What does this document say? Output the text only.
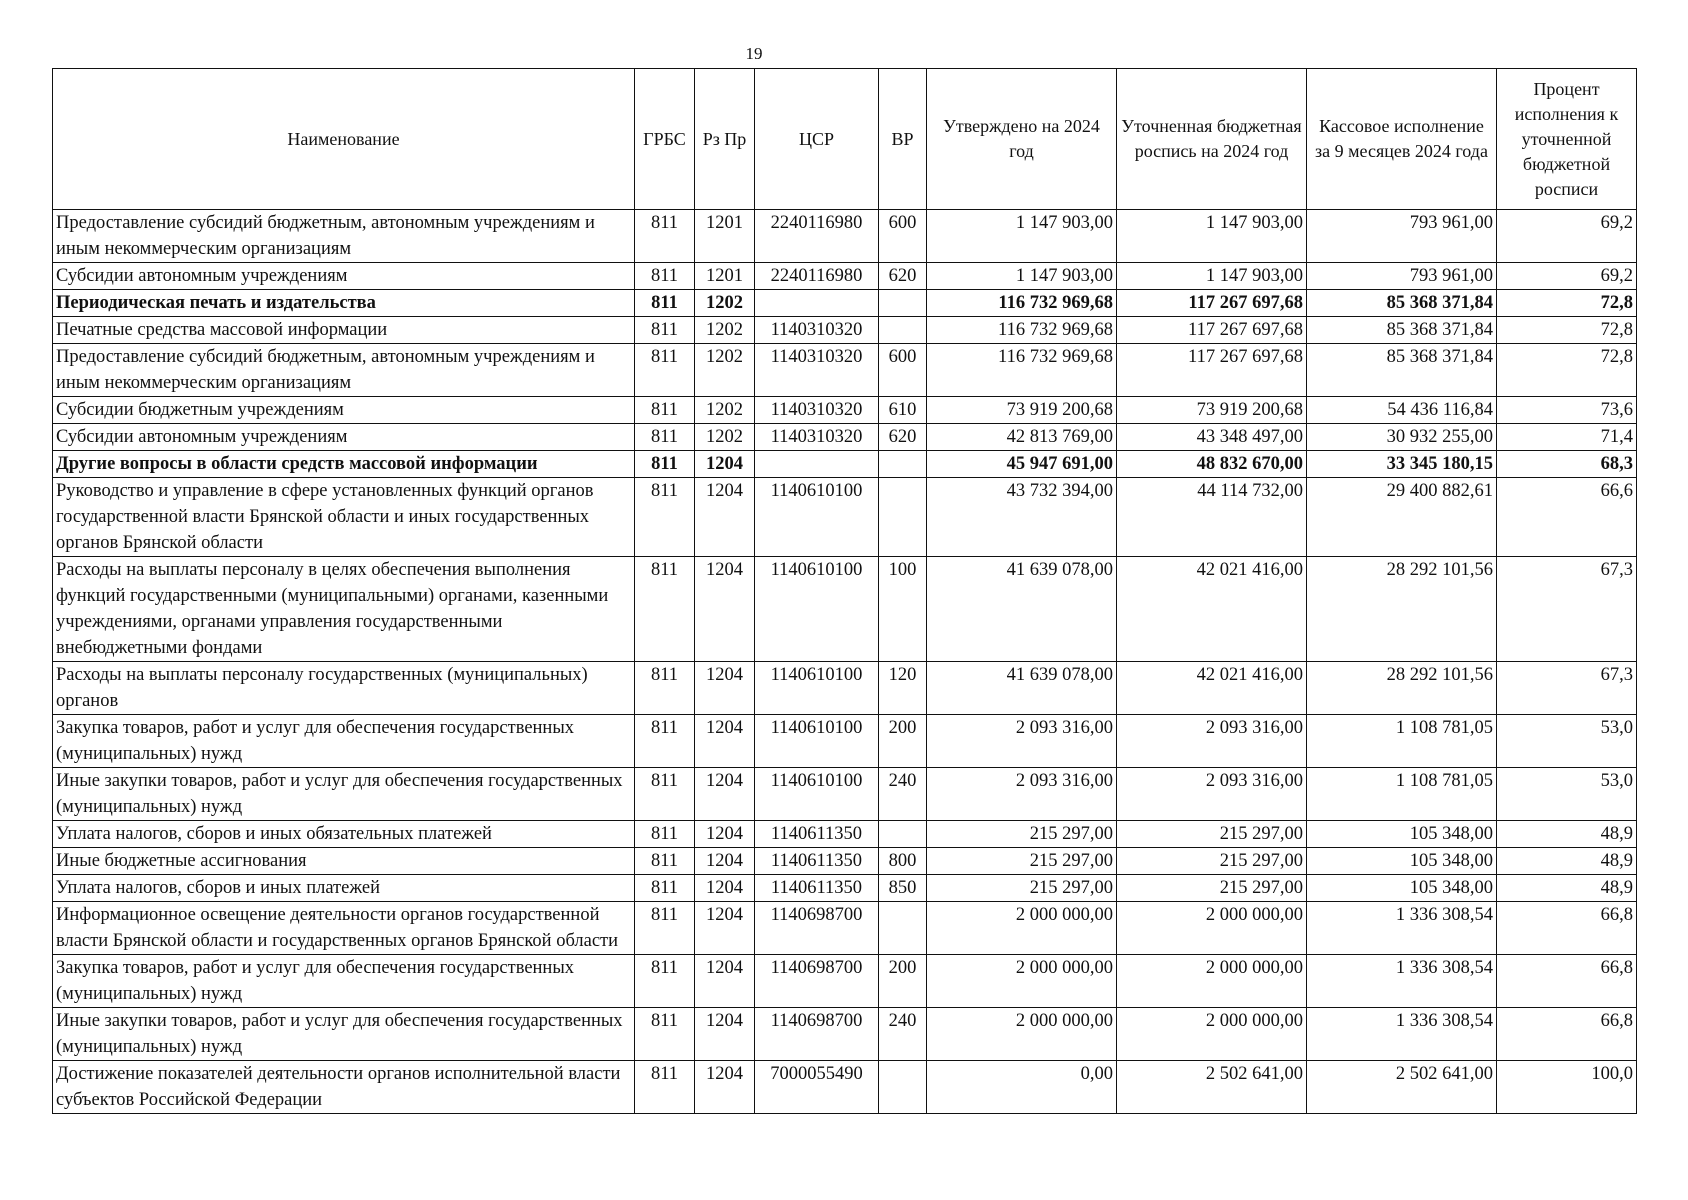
19
Наименование	ГРБС	Рз Пр	ЦСР	ВР	Утверждено на 2024 год	Уточненная бюджетная роспись на 2024 год	Кассовое исполнение за 9 месяцев 2024 года	Процент исполнения к уточненной бюджетной росписи
Предоставление субсидий бюджетным, автономным учреждениям и иным некоммерческим организациям	811	1201	2240116980	600	1 147 903,00	1 147 903,00	793 961,00	69,2
Субсидии автономным учреждениям	811	1201	2240116980	620	1 147 903,00	1 147 903,00	793 961,00	69,2
Периодическая печать и издательства	811	1202			116 732 969,68	117 267 697,68	85 368 371,84	72,8
Печатные средства массовой информации	811	1202	1140310320		116 732 969,68	117 267 697,68	85 368 371,84	72,8
Предоставление субсидий бюджетным, автономным учреждениям и иным некоммерческим организациям	811	1202	1140310320	600	116 732 969,68	117 267 697,68	85 368 371,84	72,8
Субсидии бюджетным учреждениям	811	1202	1140310320	610	73 919 200,68	73 919 200,68	54 436 116,84	73,6
Субсидии автономным учреждениям	811	1202	1140310320	620	42 813 769,00	43 348 497,00	30 932 255,00	71,4
Другие вопросы в области средств массовой информации	811	1204			45 947 691,00	48 832 670,00	33 345 180,15	68,3
Руководство и управление в сфере установленных функций органов государственной власти Брянской области и иных государственных органов Брянской области	811	1204	1140610100		43 732 394,00	44 114 732,00	29 400 882,61	66,6
Расходы на выплаты персоналу в целях обеспечения выполнения функций государственными (муниципальными) органами, казенными учреждениями, органами управления государственными внебюджетными фондами	811	1204	1140610100	100	41 639 078,00	42 021 416,00	28 292 101,56	67,3
Расходы на выплаты персоналу государственных (муниципальных) органов	811	1204	1140610100	120	41 639 078,00	42 021 416,00	28 292 101,56	67,3
Закупка товаров, работ и услуг для обеспечения государственных (муниципальных) нужд	811	1204	1140610100	200	2 093 316,00	2 093 316,00	1 108 781,05	53,0
Иные закупки товаров, работ и услуг для обеспечения государственных (муниципальных) нужд	811	1204	1140610100	240	2 093 316,00	2 093 316,00	1 108 781,05	53,0
Уплата налогов, сборов и иных обязательных платежей	811	1204	1140611350		215 297,00	215 297,00	105 348,00	48,9
Иные бюджетные ассигнования	811	1204	1140611350	800	215 297,00	215 297,00	105 348,00	48,9
Уплата налогов, сборов и иных платежей	811	1204	1140611350	850	215 297,00	215 297,00	105 348,00	48,9
Информационное освещение деятельности органов государственной власти Брянской области и государственных органов Брянской области	811	1204	1140698700		2 000 000,00	2 000 000,00	1 336 308,54	66,8
Закупка товаров, работ и услуг для обеспечения государственных (муниципальных) нужд	811	1204	1140698700	200	2 000 000,00	2 000 000,00	1 336 308,54	66,8
Иные закупки товаров, работ и услуг для обеспечения государственных (муниципальных) нужд	811	1204	1140698700	240	2 000 000,00	2 000 000,00	1 336 308,54	66,8
Достижение показателей деятельности органов исполнительной власти субъектов Российской Федерации	811	1204	7000055490		0,00	2 502 641,00	2 502 641,00	100,0
